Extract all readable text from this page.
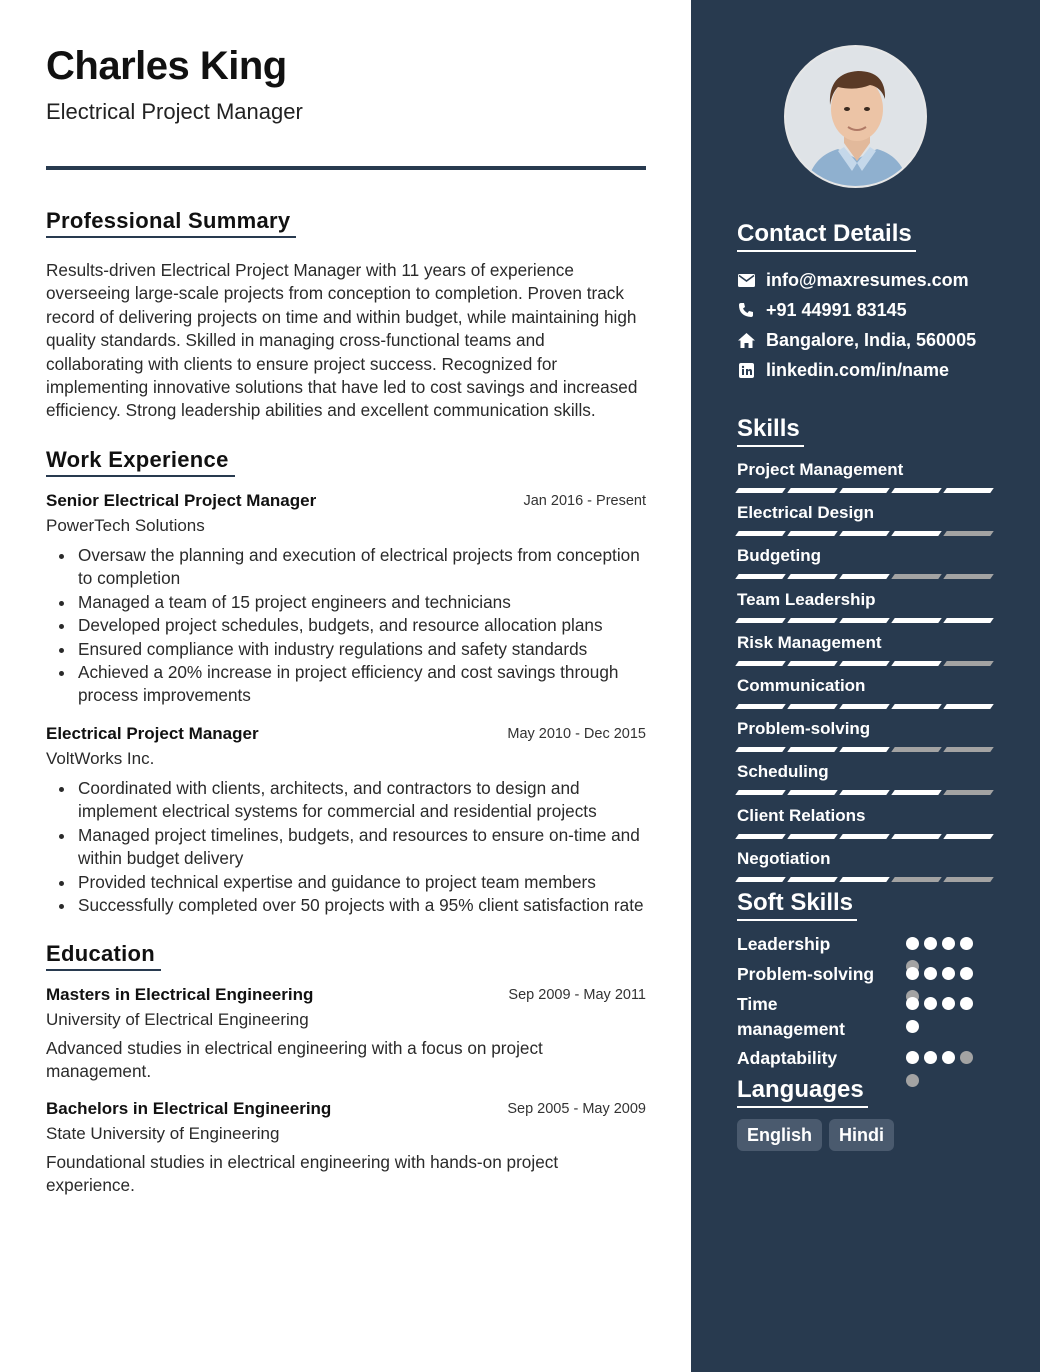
Charles King
Electrical Project Manager
Professional Summary

Results-driven Electrical Project Manager with 11 years of experience overseeing large-scale projects from conception to completion. Proven track record of delivering projects on time and within budget, while maintaining high quality standards. Skilled in managing cross-functional teams and collaborating with clients to ensure project success. Recognized for implementing innovative solutions that have led to cost savings and increased efficiency. Strong leadership abilities and excellent communication skills.

Work Experience
Senior Electrical Project Manager	Jan 2016 - Present
PowerTech Solutions
Oversaw the planning and execution of electrical projects from conception to completion
Managed a team of 15 project engineers and technicians
Developed project schedules, budgets, and resource allocation plans
Ensured compliance with industry regulations and safety standards
Achieved a 20% increase in project efficiency and cost savings through process improvements
Electrical Project Manager	May 2010 - Dec 2015
VoltWorks Inc.
Coordinated with clients, architects, and contractors to design and implement electrical systems for commercial and residential projects
Managed project timelines, budgets, and resources to ensure on-time and within budget delivery
Provided technical expertise and guidance to project team members
Successfully completed over 50 projects with a 95% client satisfaction rate
Education
Masters in Electrical Engineering	Sep 2009 - May 2011
University of Electrical Engineering

Advanced studies in electrical engineering with a focus on project management.

Bachelors in Electrical Engineering	Sep 2005 - May 2009
State University of Engineering

Foundational studies in electrical engineering with hands-on project experience.

Contact Details
info@maxresumes.com
+91 44991 83145
Bangalore, India, 560005
linkedin.com/in/name
Skills
Project Management
Electrical Design
Budgeting
Team Leadership
Risk Management
Communication
Problem-solving
Scheduling
Client Relations
Negotiation
Soft Skills
Leadership
Problem-solving
Time management
Adaptability
Languages
English	Hindi
